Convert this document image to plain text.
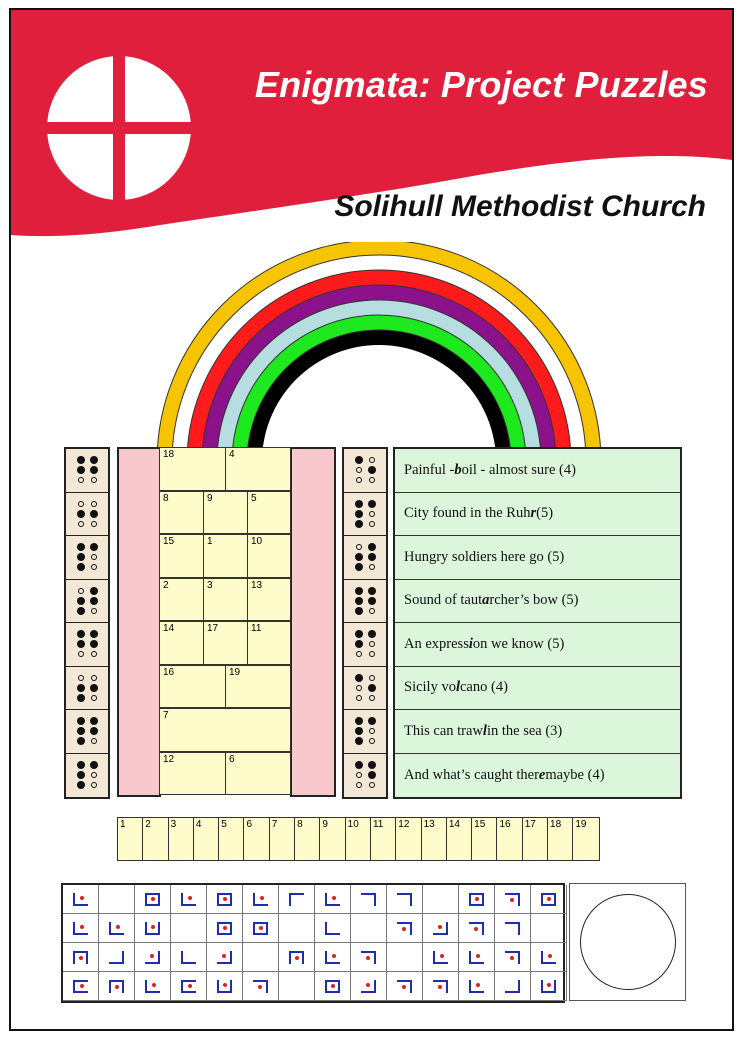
Enigmata: Project Puzzles
Solihull Methodist Church
18	4
8	9	5
15	1	10
2	3	13
14	17	11
16	19
7
12	6
Painful - b oil - almost sure (4)
City found in the Ruh r (5)
Hungry soldiers here go (5)
Sound of taut a rcher’s bow (5)
An express i on we know (5)
Sicily vo l cano (4)
This can traw l in the sea (3)
And what’s caught ther e maybe (4)
1	2	3	4	5	6	7	8	9	10	11	12	13	14	15	16	17	18	19
